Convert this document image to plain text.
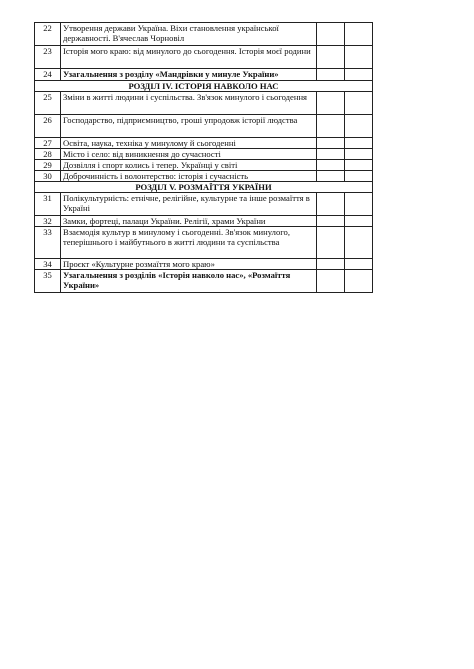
22	Утворення держави Україна. Віхи становлення української державності. В'ячеслав Чорновіл		
23	Історія мого краю: від минулого до сьогодення. Історія моєї родини		
24	Узагальнення з розділу «Мандрівки у минуле України»		
РОЗДІЛ IV. ІСТОРІЯ НАВКОЛО НАС			
25	Зміни в житті людини і суспільства. Зв'язок минулого і сьогодення		
26	Господарство, підприємництво, гроші упродовж історії людства		
27	Освіта, наука, техніка у минулому й сьогоденні		
28	Місто і село: від виникнення до сучасності		
29	Дозвілля і спорт колись і тепер. Українці у світі		
30	Доброчинність і волонтерство: історія і сучасність		
РОЗДІЛ V. РОЗМАЇТТЯ УКРАЇНИ			
31	Полікультурність: етнічне, релігійне, культурне та інше розмаїття в Україні		
32	Замки, фортеці, палаци України. Релігії, храми України		
33	Взаємодія культур в минулому і сьогоденні. Зв'язок минулого, теперішнього і майбутнього в житті людини та суспільства		
34	Проєкт «Культурне розмаїття мого краю»		
35	Узагальнення з розділів «Історія навколо нас», «Розмаїття України»		
